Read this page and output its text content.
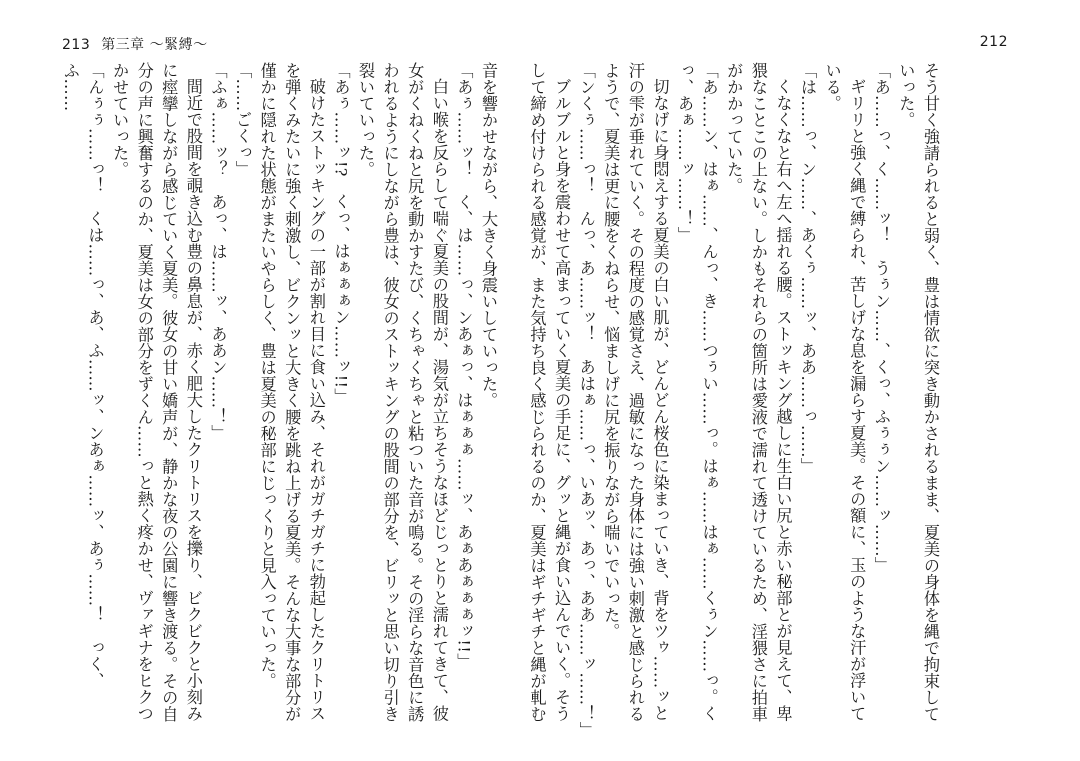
213 第三章 〜緊縛〜	212

そう甘く強請られると弱く、豊は情欲に突き動かされるまま、夏美の身体を縄で拘束していった。

「あ……っ、く……ッ！　うぅン……、くっ、ふぅぅン……ッ……」

ギリリと強く縄で縛られ、苦しげな息を漏らす夏美。その額に、玉のような汗が浮いている。

「は……っ、ン……、あくぅ……ッ、ああ……っ……」

くなくなと右へ左へ揺れる腰。ストッキング越しに生白い尻と赤い秘部とが見えて、卑猥なことこの上ない。しかもそれらの箇所は愛液で濡れて透けているため、淫猥さに拍車がかかっていた。

「あ……ン、はぁ……、んっ、き……つぅい……っ。はぁ……はぁ……くぅン……っ。くっ、あぁ……ッ……！」

切なげに身悶えする夏美の白い肌が、どんどん桜色に染まっていき、背をツゥ……ッと汗の雫が垂れていく。その程度の感覚さえ、過敏になった身体には強い刺激と感じられるようで、夏美は更に腰をくねらせ、悩ましげに尻を振りながら喘いでいった。

「ンくぅ……っ！　んっ、あ……ッ！　あはぁ……っ、いあッ、あっ、ああ……ッ……！」

ブルブルと身を震わせて高まっていく夏美の手足に、グッと縄が食い込んでいく。そうして締め付けられる感覚が、また気持ち良く感じられるのか、夏美はギチギチと縄が軋む

音を響かせながら、大きく身震いしていった。

「あぅ……ッ！　く、は……っ、ンあぁっ、はぁぁぁ……ッ、あぁあぁぁぁッ!!」

白い喉を反らして喘ぐ夏美の股間が、湯気が立ちそうなほどじっとりと濡れてきて、彼女がくねくねと尻を動かすたび、くちゃくちゃと粘ついた音が鳴る。その淫らな音色に誘われるようにしながら豊は、彼女のストッキングの股間の部分を、ビリッと思い切り引き裂いていった。

「あぅ……ッ!?　くっ、はぁぁぁン……ッ!!」

破けたストッキングの一部が割れ目に食い込み、それがガチガチに勃起したクリトリスを弾くみたいに強く刺激し、ビクンッと大きく腰を跳ね上げる夏美。そんな大事な部分が僅かに隠れた状態がまたいやらしく、豊は夏美の秘部にじっくりと見入っていった。

「……ごくっ」

「ふぁ……ッ？　あっ、は……ッ、ああン……！」

間近で股間を覗き込む豊の鼻息が、赤く肥大したクリトリスを擽り、ビクビクと小刻みに痙攣しながら感じていく夏美。彼女の甘い嬌声が、静かな夜の公園に響き渡る。その自分の声に興奮するのか、夏美は女の部分をずくん……っと熱く疼かせ、ヴァギナをヒクつかせていった。

「んぅぅ……っ！　くは……っ、あ、ふ……ッ、ンあぁ……ッ、あぅ……！　っく、ふ……
